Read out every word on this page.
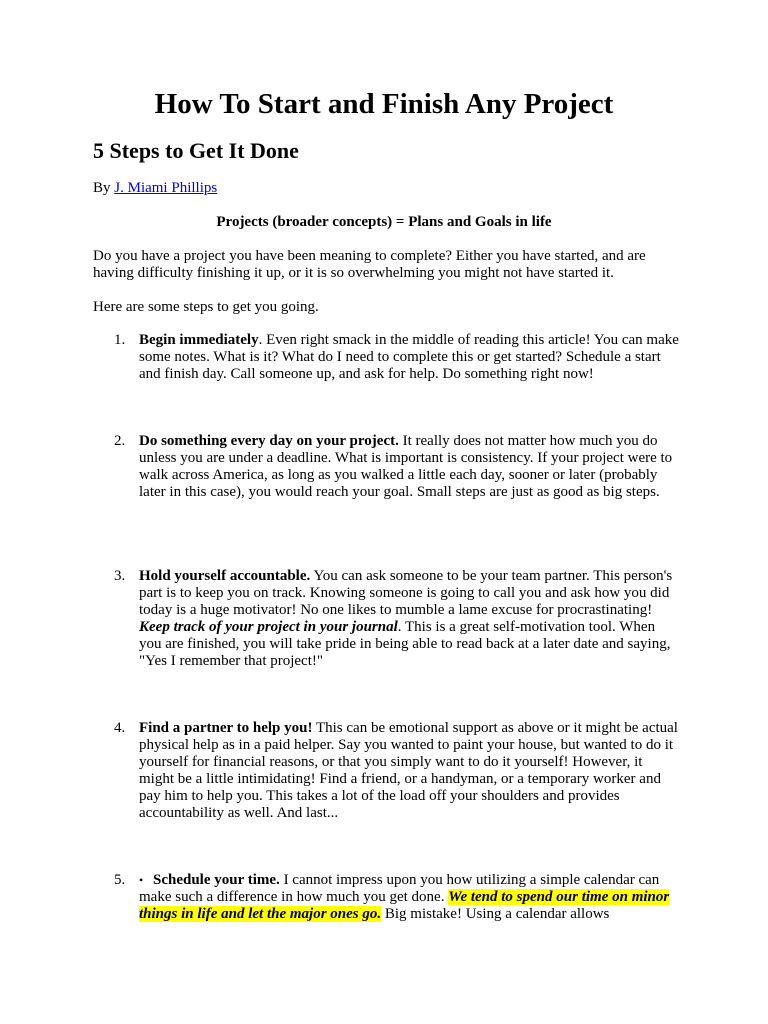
How To Start and Finish Any Project
5 Steps to Get It Done
By J. Miami Phillips
Projects (broader concepts) = Plans and Goals in life

Do you have a project you have been meaning to complete? Either you have started, and are having difficulty finishing it up, or it is so overwhelming you might not have started it.

Here are some steps to get you going.

1. Begin immediately. Even right smack in the middle of reading this article! You can make some notes. What is it? What do I need to complete this or get started? Schedule a start and finish day. Call someone up, and ask for help. Do something right now!
2. Do something every day on your project. It really does not matter how much you do unless you are under a deadline. What is important is consistency. If your project were to walk across America, as long as you walked a little each day, sooner or later (probably later in this case), you would reach your goal. Small steps are just as good as big steps.
3. Hold yourself accountable. You can ask someone to be your team partner. This person's part is to keep you on track. Knowing someone is going to call you and ask how you did today is a huge motivator! No one likes to mumble a lame excuse for procrastinating! Keep track of your project in your journal. This is a great self-motivation tool. When you are finished, you will take pride in being able to read back at a later date and saying, "Yes I remember that project!"
4. Find a partner to help you! This can be emotional support as above or it might be actual physical help as in a paid helper. Say you wanted to paint your house, but wanted to do it yourself for financial reasons, or that you simply want to do it yourself! However, it might be a little intimidating! Find a friend, or a handyman, or a temporary worker and pay him to help you. This takes a lot of the load off your shoulders and provides accountability as well. And last...
5. • Schedule your time. I cannot impress upon you how utilizing a simple calendar can make such a difference in how much you get done. We tend to spend our time on minor things in life and let the major ones go. Big mistake! Using a calendar allows
